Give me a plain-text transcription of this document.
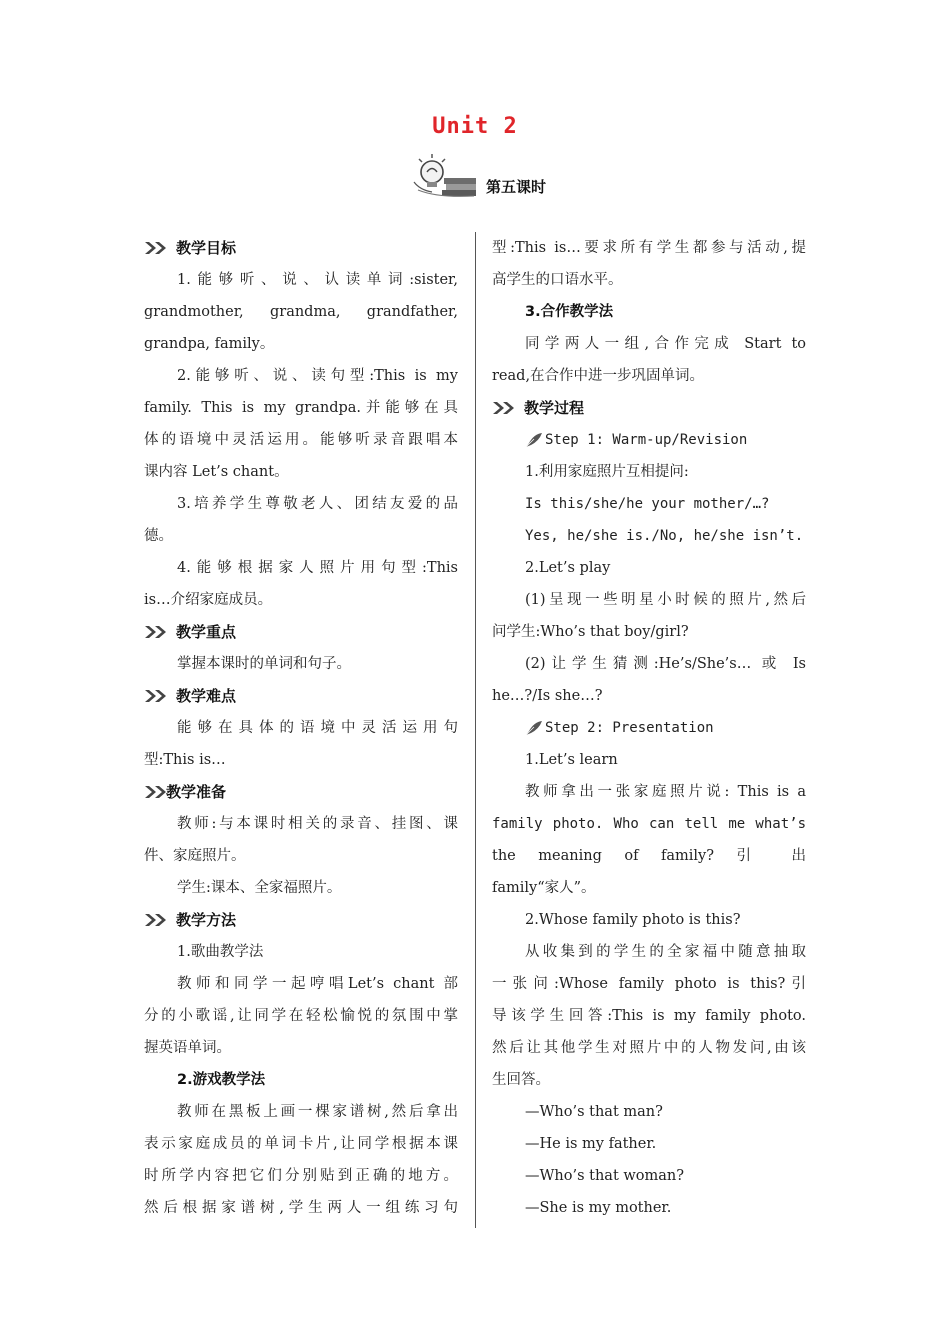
Unit 2
第五课时
教学目标
1.能够听、说、认读单词:sister,
grandmother, grandma, grandfather,
grandpa, family。
2.能够听、说、读句型:This is my
family. This is my grandpa.并能够在具
体的语境中灵活运用。能够听录音跟唱本
课内容 Let’s chant。
3.培养学生尊敬老人、团结友爱的品
德。
4.能够根据家人照片用句型:This
is…介绍家庭成员。
教学重点
掌握本课时的单词和句子。
教学难点
能够在具体的语境中灵活运用句
型:This is…
教学准备
教师:与本课时相关的录音、挂图、课
件、家庭照片。
学生:课本、全家福照片。
教学方法
1.歌曲教学法
教师和同学一起哼唱Let’s chant 部
分的小歌谣,让同学在轻松愉悦的氛围中掌
握英语单词。
2.游戏教学法
教师在黑板上画一棵家谱树,然后拿出
表示家庭成员的单词卡片,让同学根据本课
时所学内容把它们分别贴到正确的地方。
然后根据家谱树,学生两人一组练习句
型:This is…要求所有学生都参与活动,提
高学生的口语水平。
3.合作教学法
同学两人一组,合作完成 Start to
read,在合作中进一步巩固单词。
教学过程
Step 1: Warm-up/Revision
1.利用家庭照片互相提问:
Is this/she/he your mother/…?
Yes, he/she is./No, he/she isn’t.
2.Let’s play
(1)呈现一些明星小时候的照片,然后
问学生:Who’s that boy/girl?
(2)让学生猜测:He’s/She’s… 或 Is
he…?/Is she…?
Step 2: Presentation
1.Let’s learn
教师拿出一张家庭照片说: This is a
family photo. Who can tell me what’s
the meaning of family? 引 出
family“家人”。
2.Whose family photo is this?
从收集到的学生的全家福中随意抽取
一张问:Whose family photo is this?引
导该学生回答:This is my family photo.
然后让其他学生对照片中的人物发问,由该
生回答。
—Who’s that man?
—He is my father.
—Who’s that woman?
—She is my mother.
